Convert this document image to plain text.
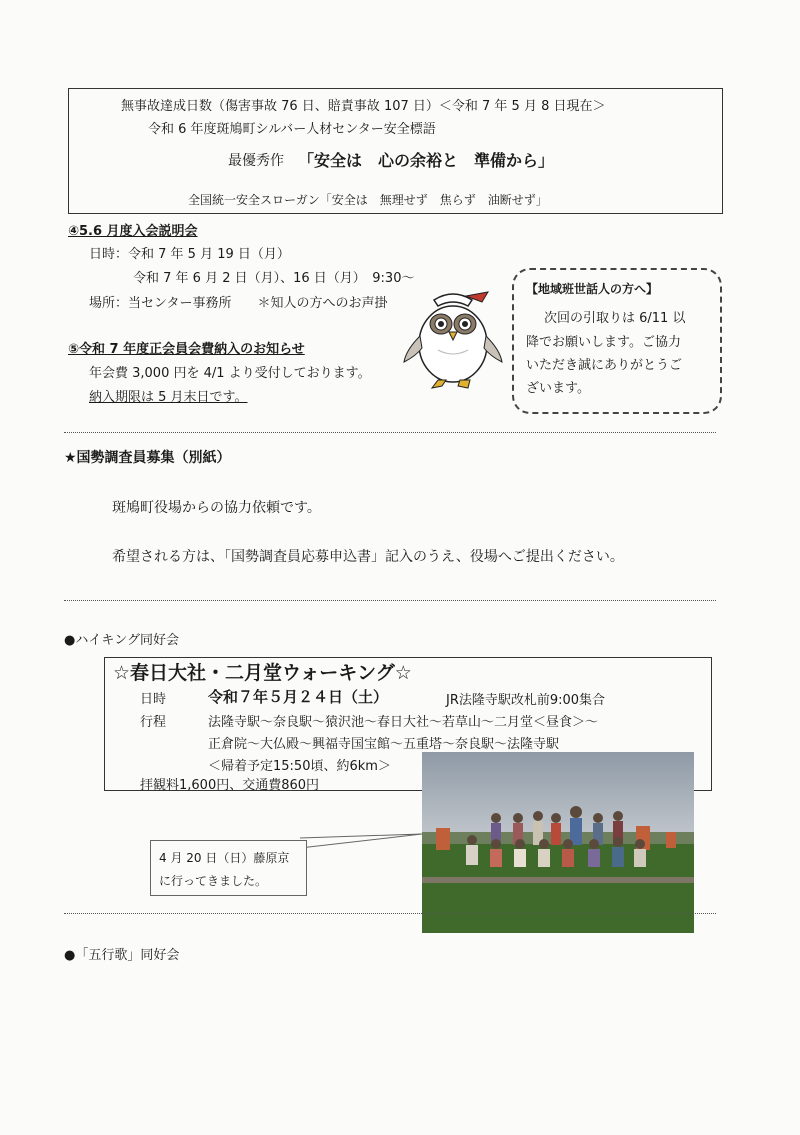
無事故達成日数（傷害事故 76 日、賠責事故 107 日）＜令和 7 年 5 月 8 日現在＞
令和 6 年度斑鳩町シルバー人材センター安全標語
最優秀作 「安全は　心の余裕と　準備から」
全国統一安全スローガン「安全は　無理せず　焦らず　油断せず」
④5.6 月度入会説明会
日時：令和 7 年 5 月 19 日（月）
令和 7 年 6 月 2 日（月）、16 日（月）　9:30～
場所：当センター事務所　　＊知人の方へのお声掛
⑤令和 7 年度正会員会費納入のお知らせ
年会費 3,000 円を 4/1 より受付しております。
納入期限は 5 月末日です。
【地域班世話人の方へ】
次回の引取りは 6/11 以
降でお願いします。ご協力
いただき誠にありがとうご
ざいます。
★国勢調査員募集（別紙）
斑鳩町役場からの協力依頼です。
希望される方は、「国勢調査員応募申込書」記入のうえ、役場へご提出ください。
●ハイキング同好会
☆春日大社・二月堂ウォーキング☆
日時	令和７年５月２４日（土）	JR法隆寺駅改札前9:00集合
行程	法隆寺駅～奈良駅～猿沢池～春日大社～若草山～二月堂＜昼食＞～
正倉院～大仏殿～興福寺国宝館～五重塔～奈良駅～法隆寺駅
＜帰着予定15:50頃、約6km＞
拝観料1,600円、交通費860円
4 月 20 日（日）藤原京
に行ってきました。
●「五行歌」同好会
